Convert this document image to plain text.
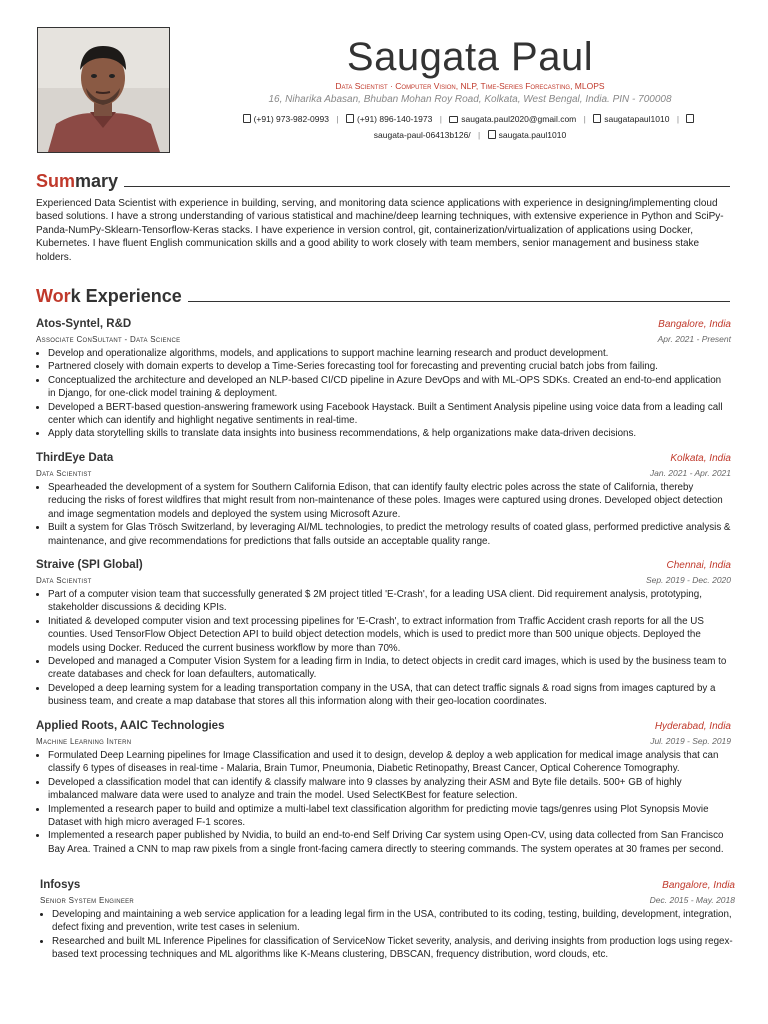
Saugata Paul
Data Scientist · Computer Vision, NLP, Time-Series Forecasting, MLOPS
16, Niharika Abasan, Bhuban Mohan Roy Road, Kolkata, West Bengal, India. PIN - 700008
(+91) 973-982-0993 | (+91) 896-140-1973 | saugata.paul2020@gmail.com | saugatapaul1010 |
saugata-paul-06413b126/ | saugata.paul1010
Sum mary
Experienced Data Scientist with experience in building, serving, and monitoring data science applications with experience in designing/implementing cloud based solutions. I have a strong understanding of various statistical and machine/deep learning techniques, with extensive experience in Python and SciPy-Panda-NumPy-Sklearn-Tensorflow-Keras stacks. I have experience in version control, git, containerization/virtualization of applications using Docker, Kubernetes. I have fluent English communication skills and a good ability to work closely with team members, senior management and business stake holders.
Wor k Experience
Atos-Syntel, R&D	Bangalore, India
Associate ConSultant - Data Science	Apr. 2021 - Present
• Develop and operationalize algorithms, models, and applications to support machine learning research and product development.
• Partnered closely with domain experts to develop a Time-Series forecasting tool for forecasting and preventing crucial batch jobs from failing.
• Conceptualized the architecture and developed an NLP-based CI/CD pipeline in Azure DevOps and with ML-OPS SDKs. Created an end-to-end application in Django, for one-click model training & deployment.
• Developed a BERT-based question-answering framework using Facebook Haystack. Built a Sentiment Analysis pipeline using voice data from a leading call center which can identify and highlight negative sentiments in real-time.
• Apply data storytelling skills to translate data insights into business recommendations, & help organizations make data-driven decisions.
ThirdEye Data	Kolkata, India
Data Scientist	Jan. 2021 - Apr. 2021
• Spearheaded the development of a system for Southern California Edison, that can identify faulty electric poles across the state of California, thereby reducing the risks of forest wildfires that might result from non-maintenance of these poles. Images were captured using drones. Developed object detection and image segmentation models and deployed the system using Microsoft Azure.
• Built a system for Glas Trösch Switzerland, by leveraging AI/ML technologies, to predict the metrology results of coated glass, performed predictive analysis & maintenance, and give recommendations for predictions that falls outside an acceptable quality range.
Straive (SPI Global)	Chennai, India
Data Scientist	Sep. 2019 - Dec. 2020
• Part of a computer vision team that successfully generated $ 2M project titled 'E-Crash', for a leading USA client. Did requirement analysis, prototyping, stakeholder discussions & deciding KPIs.
• Initiated & developed computer vision and text processing pipelines for 'E-Crash', to extract information from Traffic Accident crash reports for all the US counties. Used TensorFlow Object Detection API to build object detection models, which is used to predict more than 500 unique objects. Deployed the models using Docker. Reduced the current business workflow by more than 70%.
• Developed and managed a Computer Vision System for a leading firm in India, to detect objects in credit card images, which is used by the business team to create databases and check for loan defaulters, automatically.
• Developed a deep learning system for a leading transportation company in the USA, that can detect traffic signals & road signs from images captured by a business team, and create a map database that stores all this information along with their geo-location coordinates.
Applied Roots, AAIC Technologies	Hyderabad, India
Machine Learning Intern	Jul. 2019 - Sep. 2019
• Formulated Deep Learning pipelines for Image Classification and used it to design, develop & deploy a web application for medical image analysis that can classify 6 types of diseases in real-time - Malaria, Brain Tumor, Pneumonia, Diabetic Retinopathy, Breast Cancer, Optical Coherence Tomography.
• Developed a classification model that can identify & classify malware into 9 classes by analyzing their ASM and Byte file details. 500+ GB of highly imbalanced malware data were used to analyze and train the model. Used SelectKBest for feature selection.
• Implemented a research paper to build and optimize a multi-label text classification algorithm for predicting movie tags/genres using Plot Synopsis Movie Dataset with high micro averaged F-1 scores.
• Implemented a research paper published by Nvidia, to build an end-to-end Self Driving Car system using Open-CV, using data collected from San Francisco Bay Area. Trained a CNN to map raw pixels from a single front-facing camera directly to steering commands. The system operates at 30 frames per second.
Infosys	Bangalore, India
Senior System Engineer	Dec. 2015 - May. 2018
• Developing and maintaining a web service application for a leading legal firm in the USA, contributed to its coding, testing, building, development, integration, defect fixing and prevention, write test cases in selenium.
• Researched and built ML Inference Pipelines for classification of ServiceNow Ticket severity, analysis, and deriving insights from production logs using regex-based text processing techniques and ML algorithms like K-Means clustering, DBSCAN, frequency distribution, word clouds, etc.
